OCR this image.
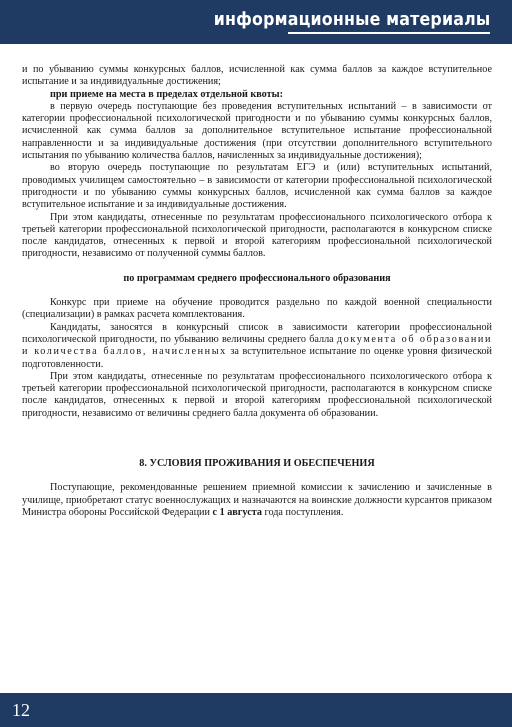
информационные материалы

и по убыванию суммы конкурсных баллов, исчисленной как сумма баллов за каждое вступительное испытание и за индивидуальные достижения;

при приеме на места в пределах отдельной квоты:

в первую очередь поступающие без проведения вступительных испытаний – в зависимости от категории профессиональной психологической пригодности и по убыванию суммы конкурсных баллов, исчисленной как сумма баллов за дополнительное вступительное испытание профессиональной направленности и за индивидуальные достижения (при отсутствии дополнительного вступительного испытания по убыванию количества баллов, начисленных за индивидуальные достижения);

во вторую очередь поступающие по результатам ЕГЭ и (или) вступительных испытаний, проводимых училищем самостоятельно – в зависимости от категории профессиональной психологической пригодности и по убыванию суммы конкурсных баллов, исчисленной как сумма баллов за каждое вступительное испытание и за индивидуальные достижения.

При этом кандидаты, отнесенные по результатам профессионального психологического отбора к третьей категории профессиональной психологической пригодности, располагаются в конкурсном списке после кандидатов, отнесенных к первой и второй категориям профессиональной психологической пригодности, независимо от полученной суммы баллов.

по программам среднего профессионального образования

Конкурс при приеме на обучение проводится раздельно по каждой военной специальности (специализации) в рамках расчета комплектования.

Кандидаты, заносятся в конкурсный список в зависимости категории профессиональной психологической пригодности, по убыванию величины среднего балла документа об образовании и количества баллов, начисленных за вступительное испытание по оценке уровня физической подготовленности.

При этом кандидаты, отнесенные по результатам профессионального психологического отбора к третьей категории профессиональной психологической пригодности, располагаются в конкурсном списке после кандидатов, отнесенных к первой и второй категориям профессиональной психологической пригодности, независимо от величины среднего балла документа об образовании.

8. УСЛОВИЯ ПРОЖИВАНИЯ И ОБЕСПЕЧЕНИЯ

Поступающие, рекомендованные решением приемной комиссии к зачислению и зачисленные в училище, приобретают статус военнослужащих и назначаются на воинские должности курсантов приказом Министра обороны Российской Федерации с 1 августа года поступления.

12
